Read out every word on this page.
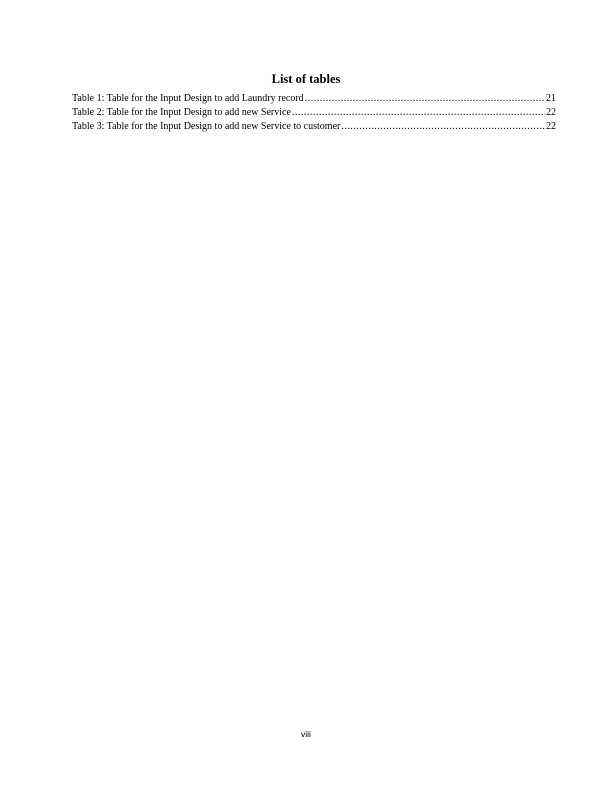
List of tables
Table 1: Table for the Input Design to add Laundry record .....	21
Table 2: Table for the Input Design to add new Service .....	22
Table 3: Table for the Input Design to add new Service to customer .....	22
viii
